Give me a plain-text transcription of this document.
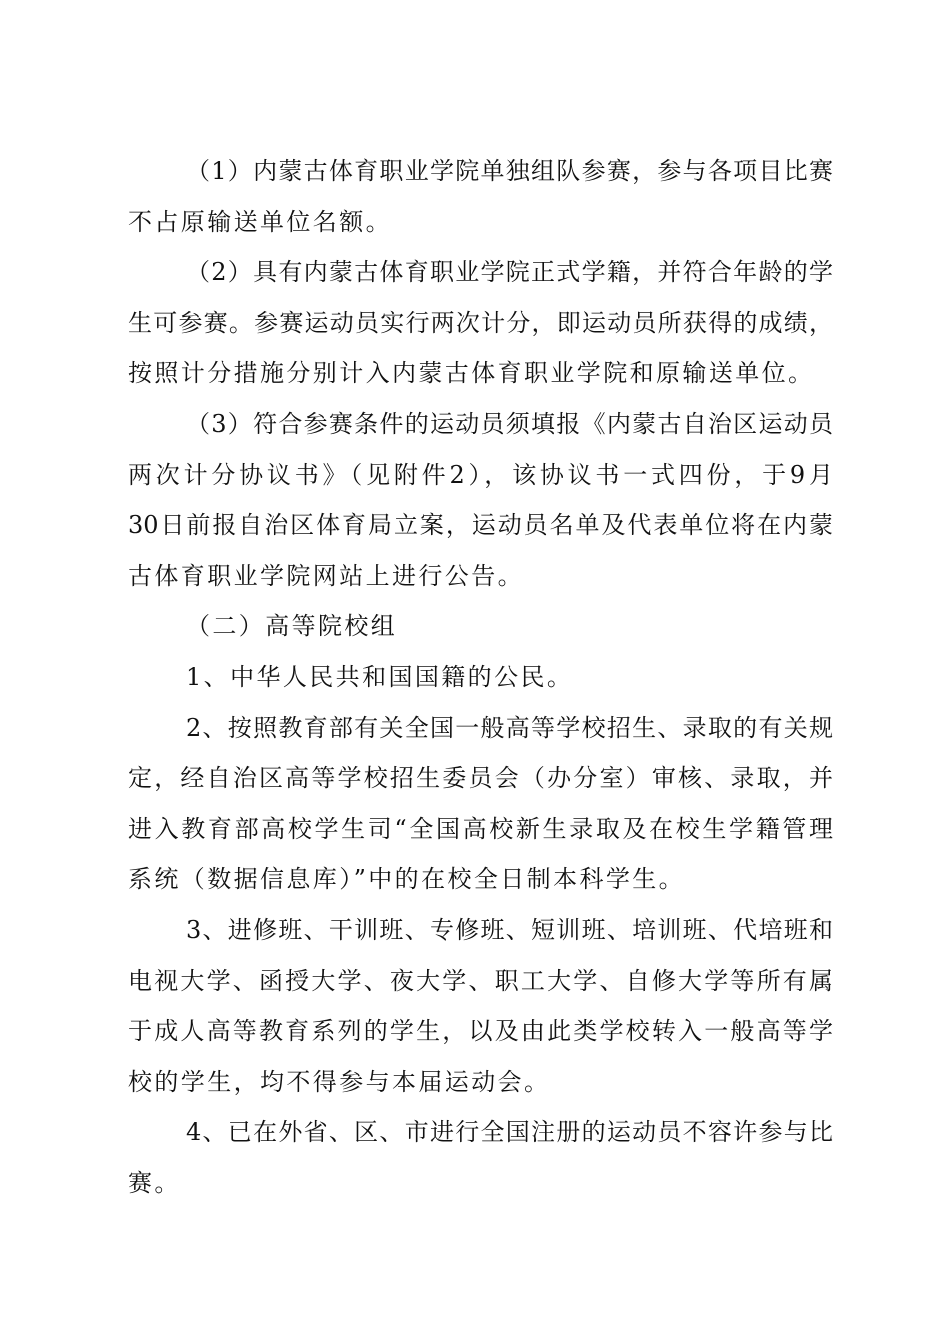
（1）内蒙古体育职业学院单独组队参赛，参与各项目比赛
不占原输送单位名额。
（2）具有内蒙古体育职业学院正式学籍，并符合年龄的学
生可参赛。参赛运动员实行两次计分，即运动员所获得的成绩，
按照计分措施分别计入内蒙古体育职业学院和原输送单位。
（3）符合参赛条件的运动员须填报《内蒙古自治区运动员
两次计分协议书》（见附件2），该协议书一式四份，于9月
30日前报自治区体育局立案，运动员名单及代表单位将在内蒙
古体育职业学院网站上进行公告。
（二）高等院校组
1、中华人民共和国国籍的公民。
2、按照教育部有关全国一般高等学校招生、录取的有关规
定，经自治区高等学校招生委员会（办分室）审核、录取，并
进入教育部高校学生司“全国高校新生录取及在校生学籍管理
系统（数据信息库）”中的在校全日制本科学生。
3、进修班、干训班、专修班、短训班、培训班、代培班和
电视大学、函授大学、夜大学、职工大学、自修大学等所有属
于成人高等教育系列的学生，以及由此类学校转入一般高等学
校的学生，均不得参与本届运动会。
4、已在外省、区、市进行全国注册的运动员不容许参与比
赛。
